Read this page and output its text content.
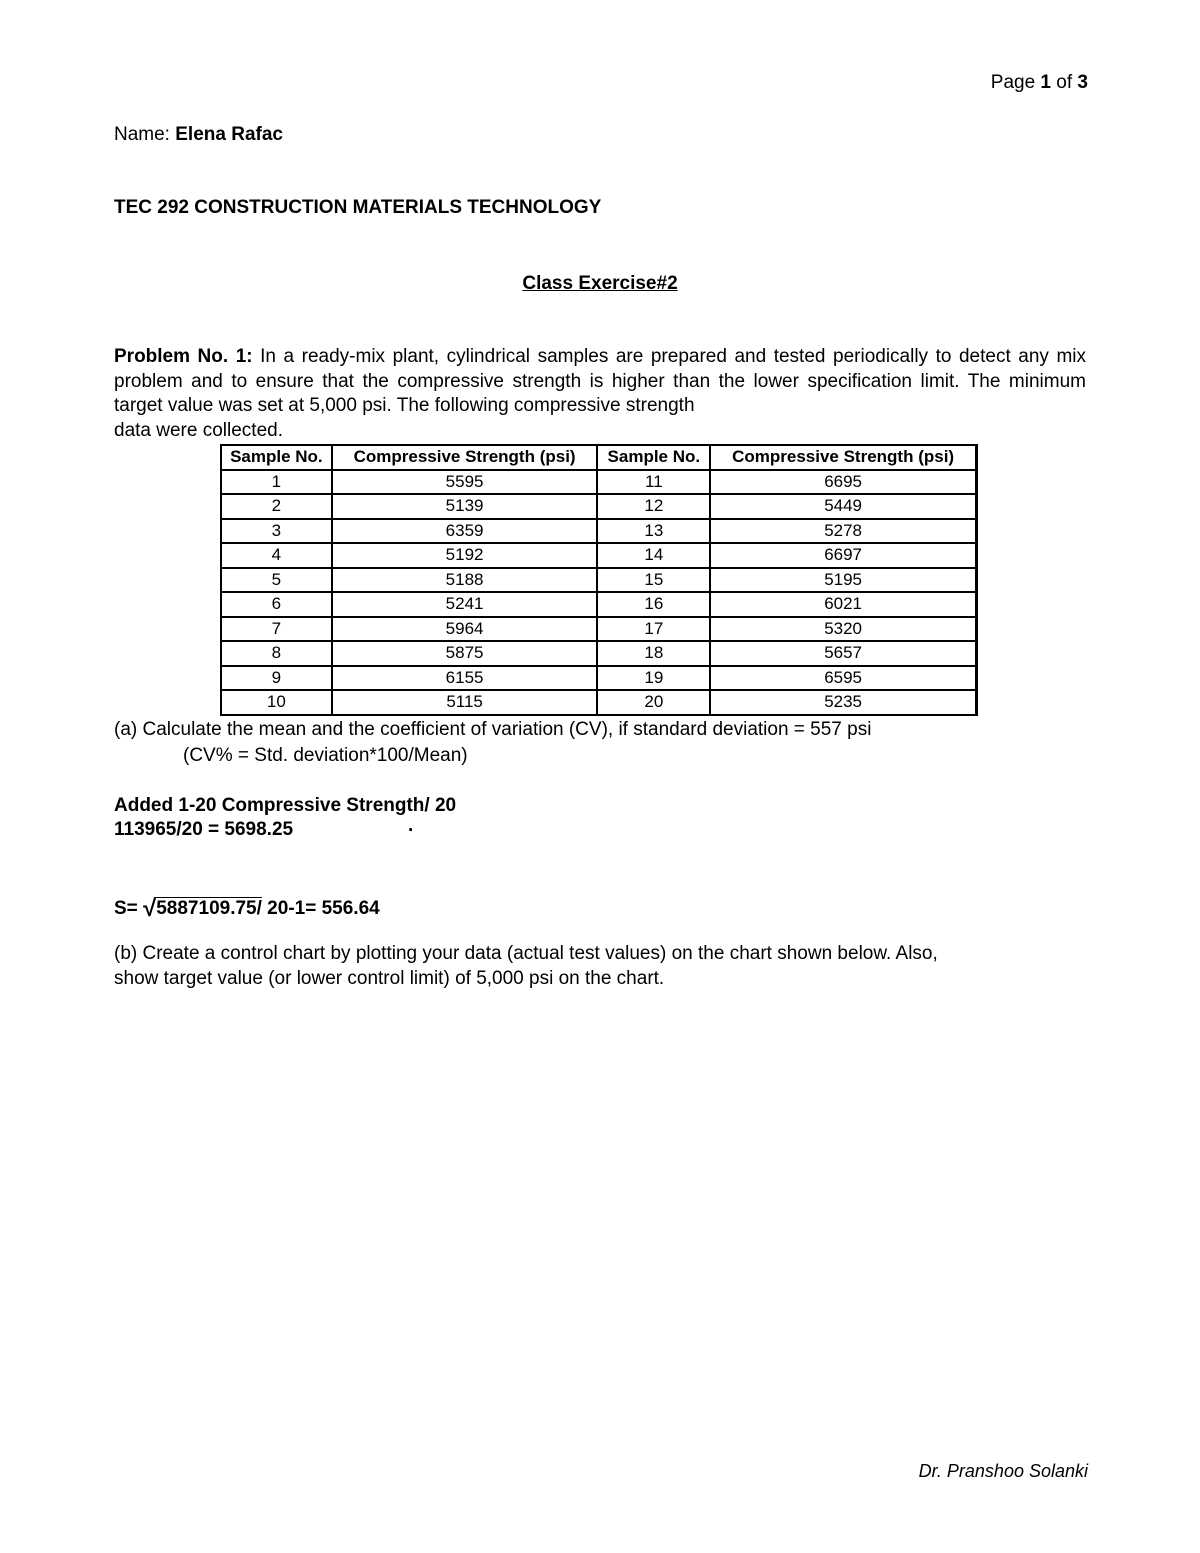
Page 1 of 3
Name: Elena Rafac
TEC 292 CONSTRUCTION MATERIALS TECHNOLOGY
Class Exercise#2
Problem No. 1: In a ready-mix plant, cylindrical samples are prepared and tested periodically to detect any mix problem and to ensure that the compressive strength is higher than the lower specification limit. The minimum target value was set at 5,000 psi. The following compressive strength
data were collected.
Sample No.	Compressive Strength (psi)	Sample No.	Compressive Strength (psi)
1	5595	11	6695
2	5139	12	5449
3	6359	13	5278
4	5192	14	6697
5	5188	15	5195
6	5241	16	6021
7	5964	17	5320
8	5875	18	5657
9	6155	19	6595
10	5115	20	5235
(a) Calculate the mean and the coefficient of variation (CV), if standard deviation = 557 psi
(CV% = Std. deviation*100/Mean)
Added 1-20 Compressive Strength/ 20
113965/20 = 5698.25	·
S= √5887109.75/ 20-1= 556.64
(b) Create a control chart by plotting your data (actual test values) on the chart shown below. Also,
show target value (or lower control limit) of 5,000 psi on the chart.
Dr. Pranshoo Solanki
